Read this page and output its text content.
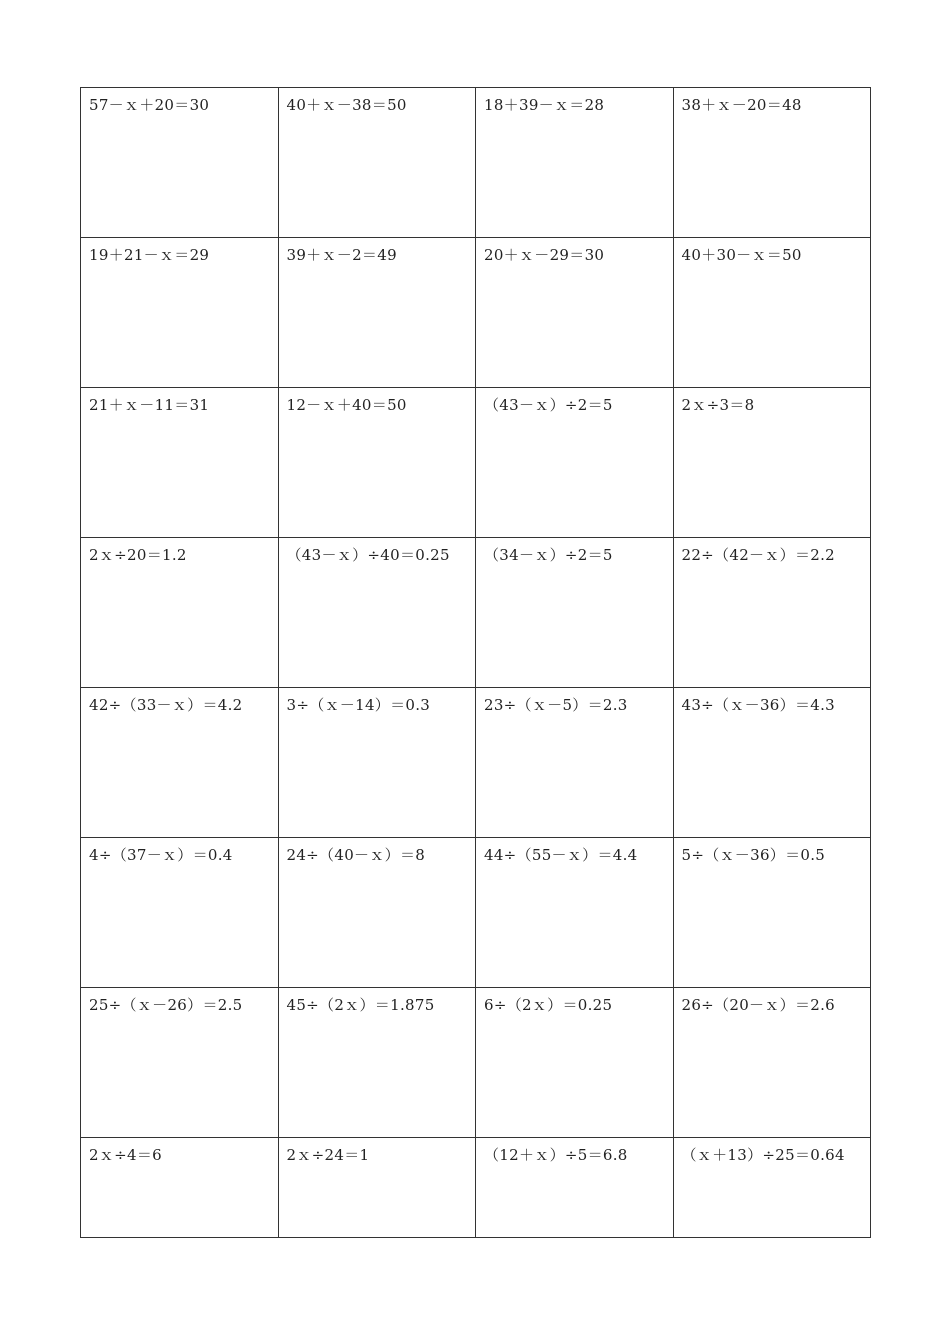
57－ｘ＋20＝30	40＋ｘ－38＝50	18＋39－ｘ＝28	38＋ｘ－20＝48
19＋21－ｘ＝29	39＋ｘ－2＝49	20＋ｘ－29＝30	40＋30－ｘ＝50
21＋ｘ－11＝31	12－ｘ＋40＝50	（43－ｘ）÷2＝5	2ｘ÷3＝8
2ｘ÷20＝1.2	（43－ｘ）÷40＝0.25	（34－ｘ）÷2＝5	22÷（42－ｘ）＝2.2
42÷（33－ｘ）＝4.2	3÷（ｘ－14）＝0.3	23÷（ｘ－5）＝2.3	43÷（ｘ－36）＝4.3
4÷（37－ｘ）＝0.4	24÷（40－ｘ）＝8	44÷（55－ｘ）＝4.4	5÷（ｘ－36）＝0.5
25÷（ｘ－26）＝2.5	45÷（2ｘ）＝1.875	6÷（2ｘ）＝0.25	26÷（20－ｘ）＝2.6
2ｘ÷4＝6	2ｘ÷24＝1	（12＋ｘ）÷5＝6.8	（ｘ＋13）÷25＝0.64
